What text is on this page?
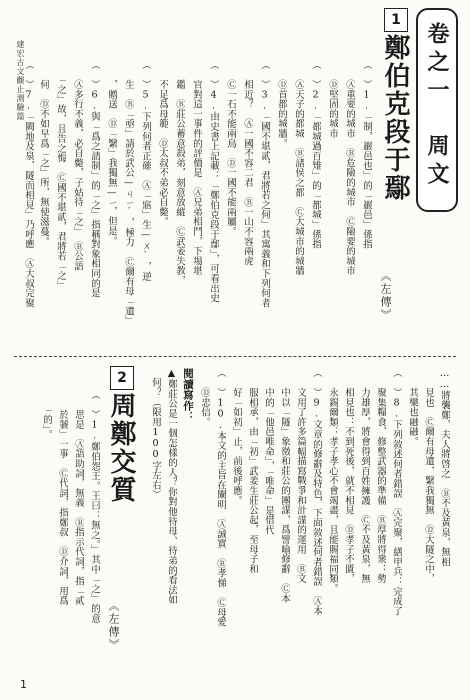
建宏古文觀止測驗篇	卷之一　周文
1
鄭伯克段于鄢
《左傳》
（　）1.「制，巖邑也」的「巖邑」係指
　　Ⓐ重要的城市　Ⓑ危險的城市　Ⓒ險要的城市
　　Ⓓ堅固的城市
（　）2.「都城過百雉」的「都城」係指
　　Ⓐ天子的都城　Ⓑ諸侯之都　Ⓒ大城市的城牆
　　Ⓓ首都的城牆。
（　）3.「國不堪貳，君將若之何」其寓義和下列何者
　　相近？　Ⓐ一國不容二君　Ⓑ一山不容兩虎
　　Ⓒ一石不能兩鳥　Ⓓ一國不能兩屬。
（　）4.由史書上記載：「鄭伯克段于鄢」，可看出史
　　官對這一事件的評價是　Ⓐ兄弟相鬥，下場堪
　　鑑　Ⓑ莊公蓄意殺弟，刻意放縱　Ⓒ武姜失教，
　　不足爲母範　Ⓓ太叔不弟必自斃。
（　）5.下列何者正確　Ⓐ「寤」生—ㄨˋ，逆
　　生　Ⓑ「亟」請於武公—ㄐㄧˊ，極力　Ⓒ爾有母「遺」
　　，贈送　Ⓓ「繄」我獨無—ㄧ，但是。
（　）6.與「爲之請制」的「之」指稱對象相同的是
　　Ⓐ多行不義，必自斃，子姑待「之」　Ⓑ公語
　　「之」故，且告之悔　Ⓒ國不堪貳，君將若「之」
　　何　Ⓓ不如早爲「之」所，無使滋蔓。
（　）7.「闕地及泉，隧而相見」乃呼應　Ⓐ大叔完聚
……將襲鄭，夫人將啓之　Ⓑ不及黃泉，無相
　　見也　Ⓒ爾有母遺，繄我獨無　Ⓓ大隧之中，
　　其樂也融融。
（　）8.下列敘述何者錯誤　Ⓐ完聚，繕甲兵：完成了
　　聚集糧食、修整武器的準備　Ⓑ厚將得衆：勢
　　力雄厚，將會得到百姓擁護　Ⓒ不及黃泉，無
　　相見也：不到死後，就不相見　Ⓓ孝子不匱，
　　永錫爾類：孝子孝心不會竭盡，且能賜福同類。
（　）9.文章的修辭及特色，下面敘述何者錯誤　Ⓐ本
　　文用了許多篇幅描寫戰爭和計謀的運用　Ⓑ文
　　中以「隧」象徵和莊公的團謀，爲譬喻修辭　Ⓒ本
　　中的「他邑唯命」，「唯命」是借代
　　服相承，由「初」武姜生莊公起，至母子和
　　好「如初」止，前後呼應。
（　）10.本文的主旨在闡明　Ⓐ誠實　Ⓑ孝悌　Ⓒ母愛
　　Ⓓ忠信。
閱讀寫作：
▲鄭莊公是一個怎樣的人？你對他待母、待弟的看法如
　何？（限用100字左右）
2
周鄭交質
《左傳》
（　）1.鄭伯怨王。王曰：無之。」其中「之」的意
　　思是　Ⓐ語助詞，無義　Ⓑ指示代詞，指「貳
　　於虢」一事　Ⓒ代詞，指鄭叔　Ⓓ介詞，用爲
　　「的」。
1
